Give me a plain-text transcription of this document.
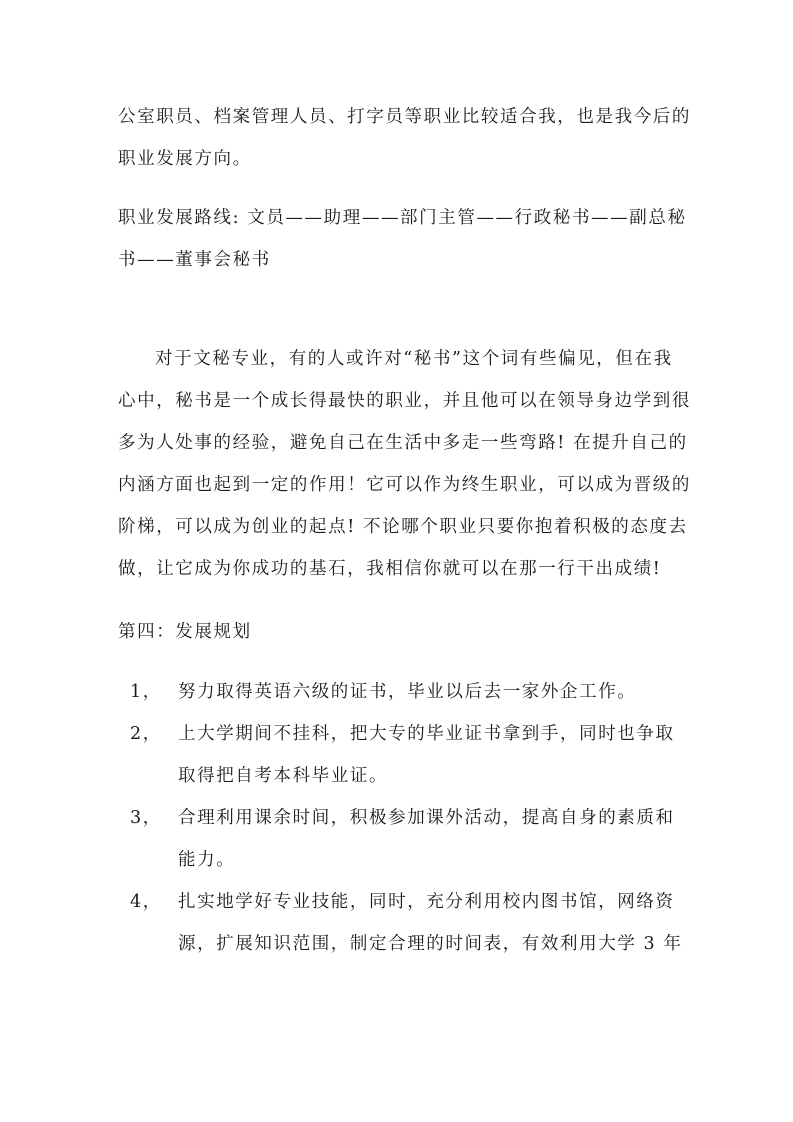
公室职员、档案管理人员、打字员等职业比较适合我，也是我今后的
职业发展方向。
职业发展路线: 文员——助理——部门主管——行政秘书——副总秘
书——董事会秘书
对于文秘专业，有的人或许对“秘书”这个词有些偏见，但在我
心中，秘书是一个成长得最快的职业，并且他可以在领导身边学到很
多为人处事的经验，避免自己在生活中多走一些弯路! 在提升自己的
内涵方面也起到一定的作用！它可以作为终生职业，可以成为晋级的
阶梯，可以成为创业的起点! 不论哪个职业只要你抱着积极的态度去
做，让它成为你成功的基石，我相信你就可以在那一行干出成绩!
第四：发展规划
1， 努力取得英语六级的证书，毕业以后去一家外企工作。
2， 上大学期间不挂科，把大专的毕业证书拿到手，同时也争取
取得把自考本科毕业证。
3， 合理利用课余时间，积极参加课外活动，提高自身的素质和
能力。
4， 扎实地学好专业技能，同时，充分利用校内图书馆，网络资
源，扩展知识范围，制定合理的时间表，有效利用大学 3 年
